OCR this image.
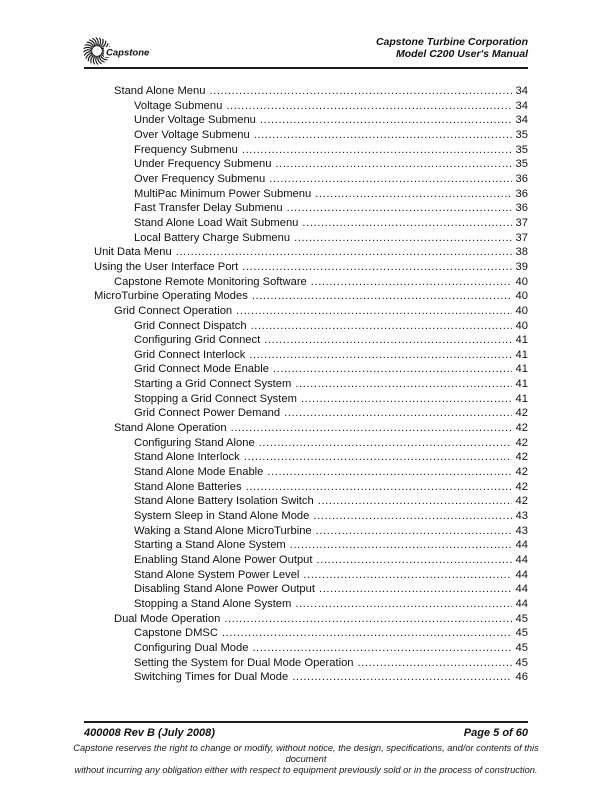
Capstone
Capstone Turbine Corporation
Model C200 User's Manual
Stand Alone Menu .....	34
Voltage Submenu .....	34
Under Voltage Submenu .....	34
Over Voltage Submenu .....	35
Frequency Submenu .....	35
Under Frequency Submenu .....	35
Over Frequency Submenu .....	36
MultiPac Minimum Power Submenu .....	36
Fast Transfer Delay Submenu .....	36
Stand Alone Load Wait Submenu .....	37
Local Battery Charge Submenu .....	37
Unit Data Menu .....	38
Using the User Interface Port .....	39
Capstone Remote Monitoring Software .....	40
MicroTurbine Operating Modes .....	40
Grid Connect Operation .....	40
Grid Connect Dispatch .....	40
Configuring Grid Connect .....	41
Grid Connect Interlock .....	41
Grid Connect Mode Enable .....	41
Starting a Grid Connect System .....	41
Stopping a Grid Connect System .....	41
Grid Connect Power Demand .....	42
Stand Alone Operation .....	42
Configuring Stand Alone .....	42
Stand Alone Interlock .....	42
Stand Alone Mode Enable .....	42
Stand Alone Batteries .....	42
Stand Alone Battery Isolation Switch .....	42
System Sleep in Stand Alone Mode .....	43
Waking a Stand Alone MicroTurbine .....	43
Starting a Stand Alone System .....	44
Enabling Stand Alone Power Output .....	44
Stand Alone System Power Level .....	44
Disabling Stand Alone Power Output .....	44
Stopping a Stand Alone System .....	44
Dual Mode Operation .....	45
Capstone DMSC .....	45
Configuring Dual Mode .....	45
Setting the System for Dual Mode Operation .....	45
Switching Times for Dual Mode .....	46
400008 Rev B (July 2008)	Page 5 of 60
Capstone reserves the right to change or modify, without notice, the design, specifications, and/or contents of this document
without incurring any obligation either with respect to equipment previously sold or in the process of construction.
